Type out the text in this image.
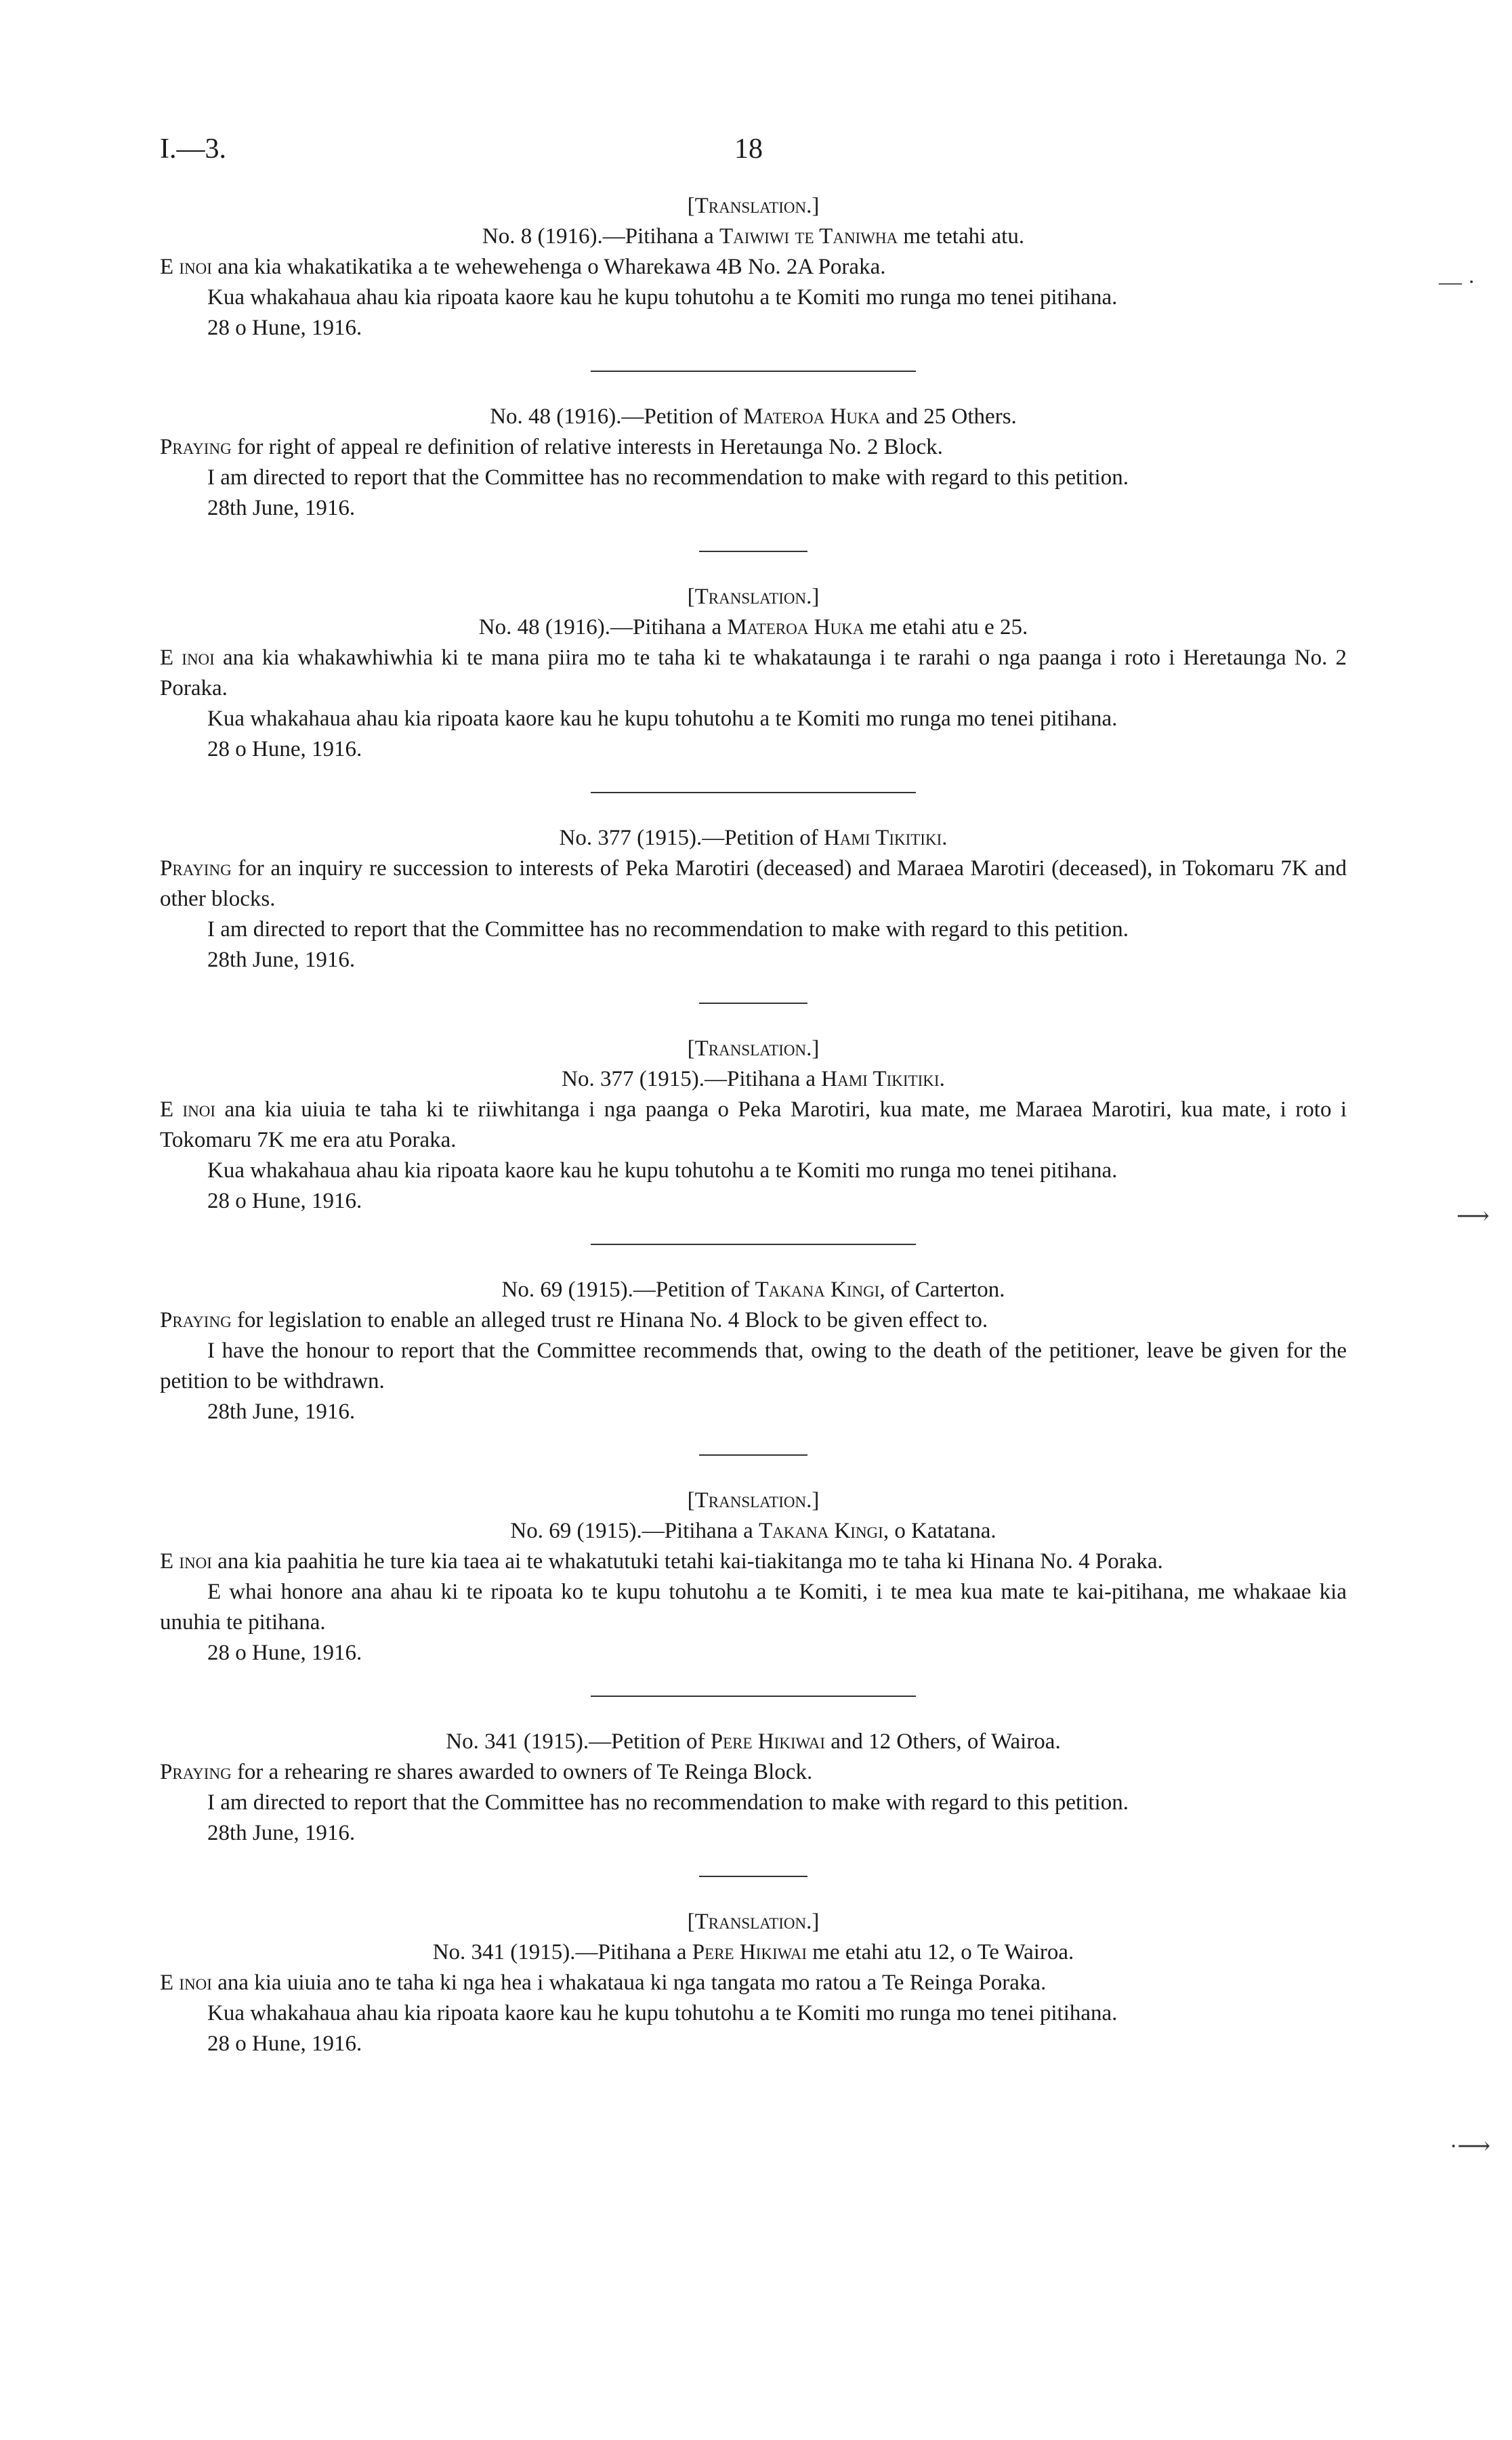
I.—3.	18

[Translation.]

No. 8 (1916).—Pitihana a Taiwiwi te Taniwha me tetahi atu.

E inoi ana kia whakatikatika a te wehewehenga o Wharekawa 4B No. 2A Poraka.

Kua whakahaua ahau kia ripoata kaore kau he kupu tohutohu a te Komiti mo runga mo tenei pitihana.

28 o Hune, 1916.

No. 48 (1916).—Petition of Materoa Huka and 25 Others.

Praying for right of appeal re definition of relative interests in Heretaunga No. 2 Block.

I am directed to report that the Committee has no recommendation to make with regard to this petition.

28th June, 1916.

[Translation.]

No. 48 (1916).—Pitihana a Materoa Huka me etahi atu e 25.

E inoi ana kia whakawhiwhia ki te mana piira mo te taha ki te whakataunga i te rarahi o nga paanga i roto i Heretaunga No. 2 Poraka.

Kua whakahaua ahau kia ripoata kaore kau he kupu tohutohu a te Komiti mo runga mo tenei pitihana.

28 o Hune, 1916.

No. 377 (1915).—Petition of Hami Tikitiki.

Praying for an inquiry re succession to interests of Peka Marotiri (deceased) and Maraea Marotiri (deceased), in Tokomaru 7K and other blocks.

I am directed to report that the Committee has no recommendation to make with regard to this petition.

28th June, 1916.

[Translation.]

No. 377 (1915).—Pitihana a Hami Tikitiki.

E inoi ana kia uiuia te taha ki te riiwhitanga i nga paanga o Peka Marotiri, kua mate, me Maraea Marotiri, kua mate, i roto i Tokomaru 7K me era atu Poraka.

Kua whakahaua ahau kia ripoata kaore kau he kupu tohutohu a te Komiti mo runga mo tenei pitihana.

28 o Hune, 1916.

No. 69 (1915).—Petition of Takana Kingi, of Carterton.

Praying for legislation to enable an alleged trust re Hinana No. 4 Block to be given effect to.

I have the honour to report that the Committee recommends that, owing to the death of the petitioner, leave be given for the petition to be withdrawn.

28th June, 1916.

[Translation.]

No. 69 (1915).—Pitihana a Takana Kingi, o Katatana.

E inoi ana kia paahitia he ture kia taea ai te whakatutuki tetahi kai-tiakitanga mo te taha ki Hinana No. 4 Poraka.

E whai honore ana ahau ki te ripoata ko te kupu tohutohu a te Komiti, i te mea kua mate te kai-pitihana, me whakaae kia unuhia te pitihana.

28 o Hune, 1916.

No. 341 (1915).—Petition of Pere Hikiwai and 12 Others, of Wairoa.

Praying for a rehearing re shares awarded to owners of Te Reinga Block.

I am directed to report that the Committee has no recommendation to make with regard to this petition.

28th June, 1916.

[Translation.]

No. 341 (1915).—Pitihana a Pere Hikiwai me etahi atu 12, o Te Wairoa.

E inoi ana kia uiuia ano te taha ki nga hea i whakataua ki nga tangata mo ratou a Te Reinga Poraka.

Kua whakahaua ahau kia ripoata kaore kau he kupu tohutohu a te Komiti mo runga mo tenei pitihana.

28 o Hune, 1916.

–– ·
⟶
·⟶
